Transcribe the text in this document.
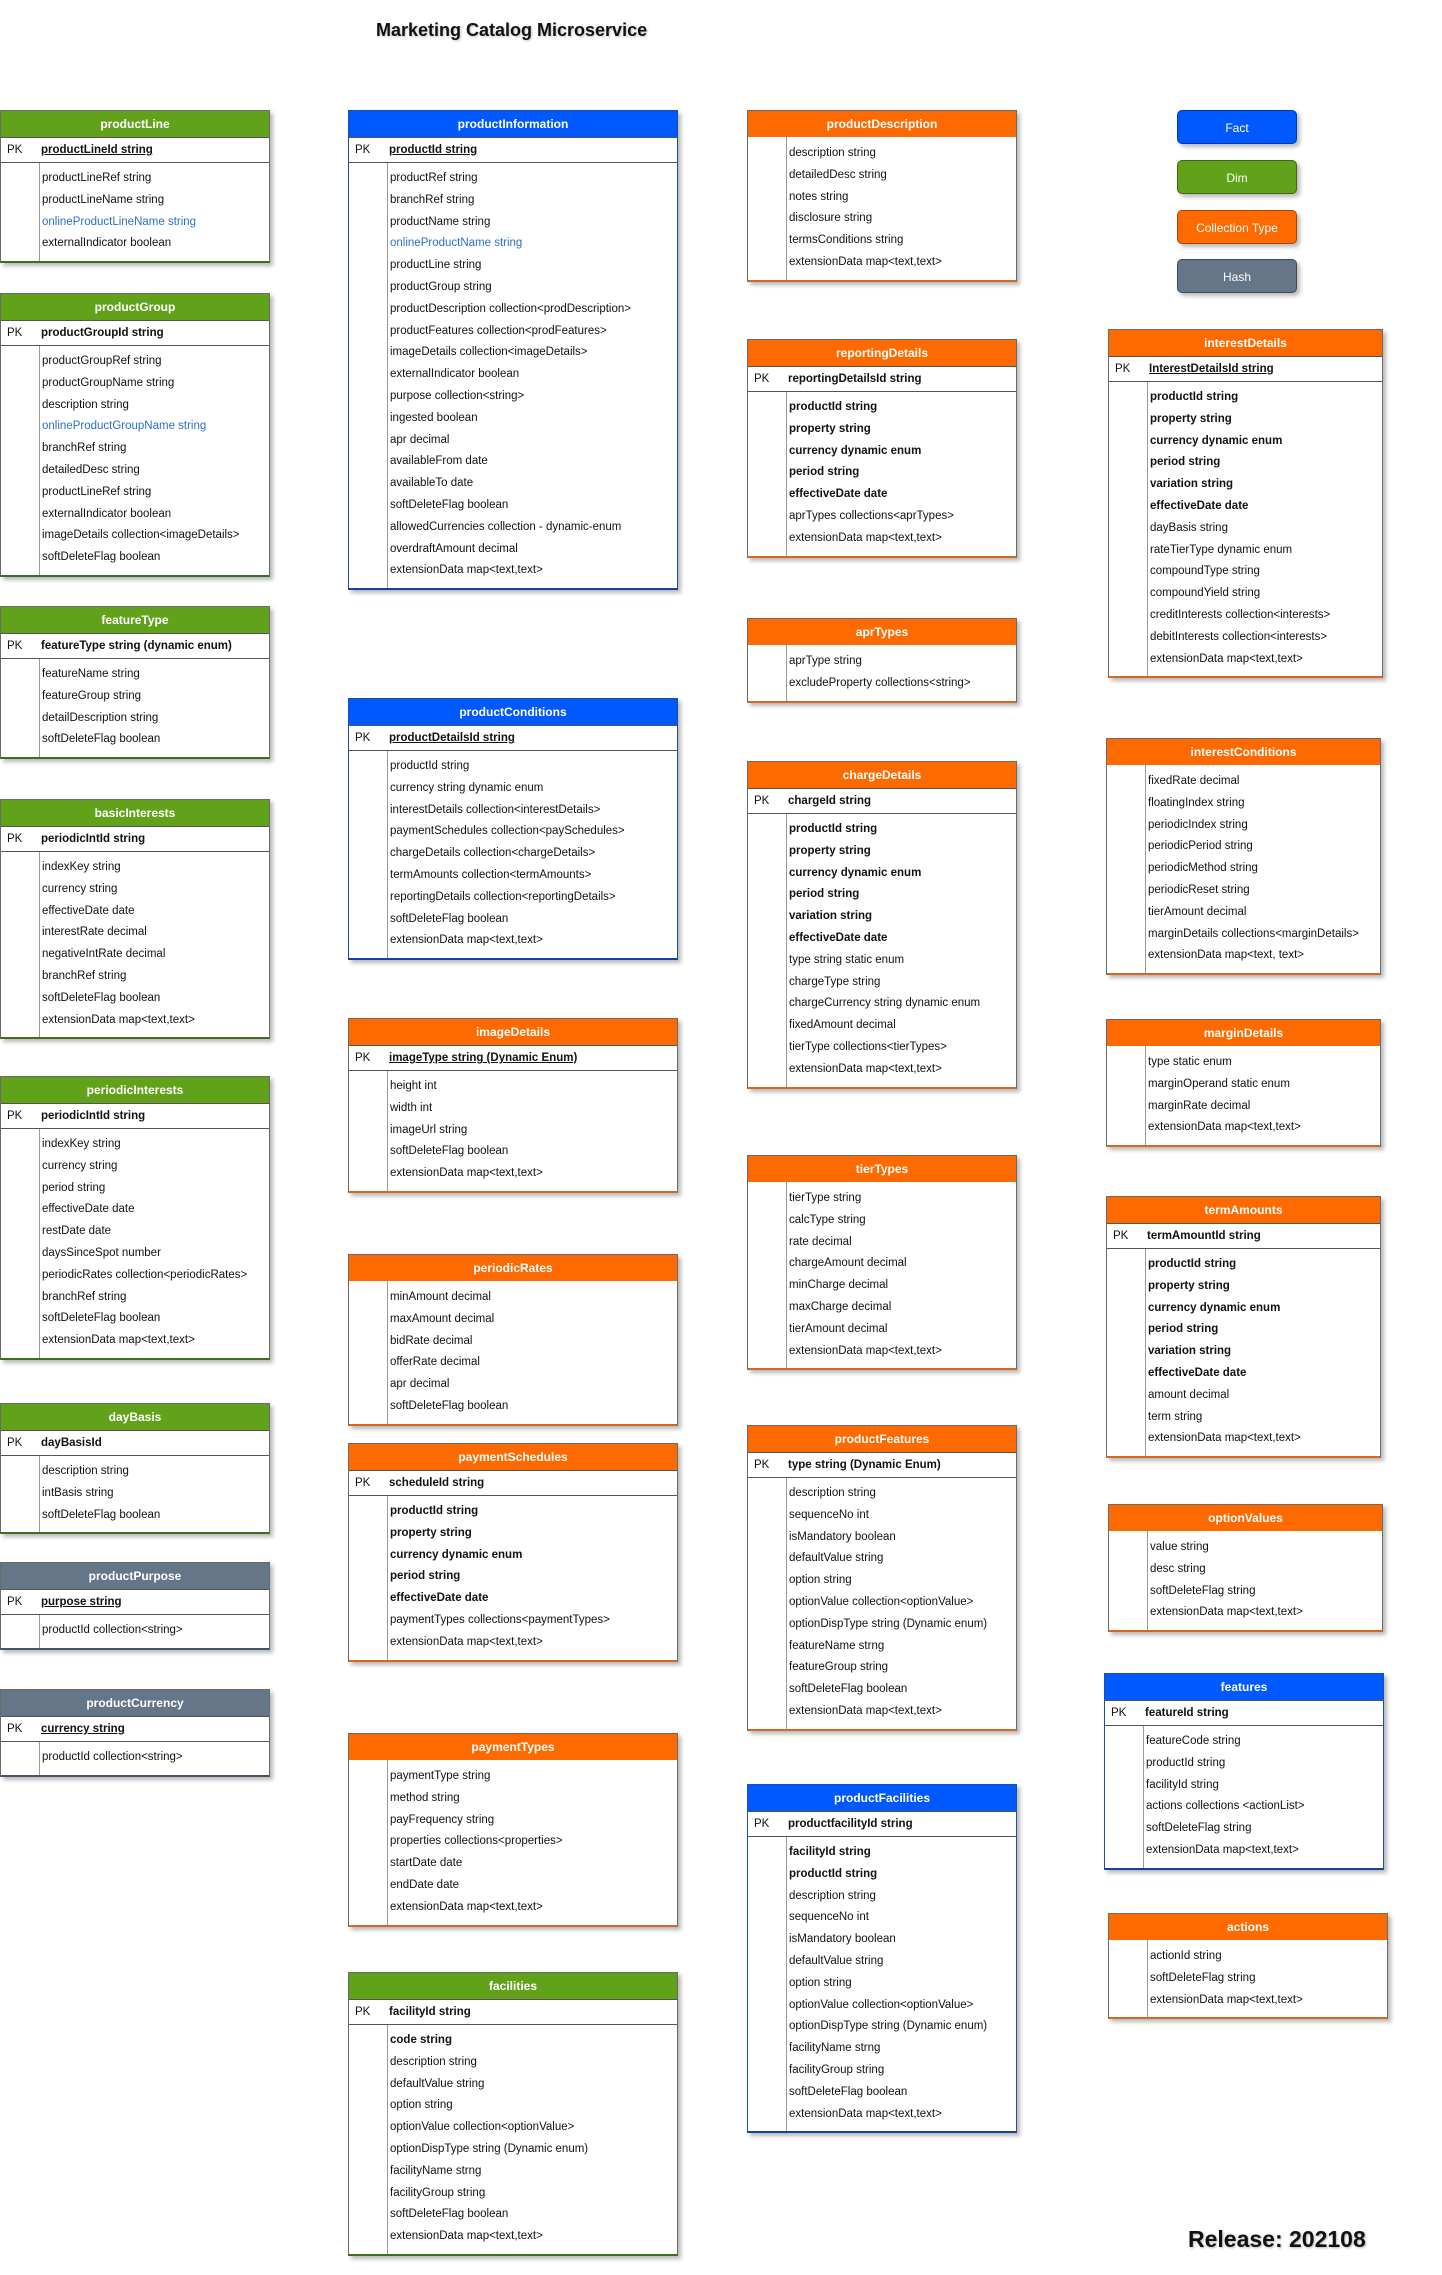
Marketing Catalog Microservice
productLine
PK	productLineId string
productLineRef string
productLineName string
onlineProductLineName string
externalIndicator boolean
productGroup
PK	productGroupId string
productGroupRef string
productGroupName string
description string
onlineProductGroupName string
branchRef string
detailedDesc string
productLineRef string
externalIndicator boolean
imageDetails collection<imageDetails>
softDeleteFlag boolean
featureType
PK	featureType string (dynamic enum)
featureName string
featureGroup string
detailDescription string
softDeleteFlag boolean
basicInterests
PK	periodicIntId string
indexKey string
currency string
effectiveDate date
interestRate decimal
negativeIntRate decimal
branchRef string
softDeleteFlag boolean
extensionData map<text,text>
periodicInterests
PK	periodicIntId string
indexKey string
currency string
period string
effectiveDate date
restDate date
daysSinceSpot number
periodicRates collection<periodicRates>
branchRef string
softDeleteFlag boolean
extensionData map<text,text>
dayBasis
PK	dayBasisId
description string
intBasis string
softDeleteFlag boolean
productPurpose
PK	purpose string
productId collection<string>
productCurrency
PK	currency string
productId collection<string>
productInformation
PK	productId string
productRef string
branchRef string
productName string
onlineProductName string
productLine string
productGroup string
productDescription collection<prodDescription>
productFeatures collection<prodFeatures>
imageDetails collection<imageDetails>
externalIndicator boolean
purpose collection<string>
ingested boolean
apr decimal
availableFrom date
availableTo date
softDeleteFlag boolean
allowedCurrencies collection - dynamic-enum
overdraftAmount decimal
extensionData map<text,text>
productConditions
PK	productDetailsId string
productId string
currency string dynamic enum
interestDetails collection<interestDetails>
paymentSchedules collection<paySchedules>
chargeDetails collection<chargeDetails>
termAmounts collection<termAmounts>
reportingDetails collection<reportingDetails>
softDeleteFlag boolean
extensionData map<text,text>
imageDetails
PK	imageType string (Dynamic Enum)
height int
width int
imageUrl string
softDeleteFlag boolean
extensionData map<text,text>
periodicRates
minAmount decimal
maxAmount decimal
bidRate decimal
offerRate decimal
apr decimal
softDeleteFlag boolean
paymentSchedules
PK	scheduleId string
productId string
property string
currency dynamic enum
period string
effectiveDate date
paymentTypes collections<paymentTypes>
extensionData map<text,text>
paymentTypes
paymentType string
method string
payFrequency string
properties collections<properties>
startDate date
endDate date
extensionData map<text,text>
facilities
PK	facilityId string
code string
description string
defaultValue string
option string
optionValue collection<optionValue>
optionDispType string (Dynamic enum)
facilityName strng
facilityGroup string
softDeleteFlag boolean
extensionData map<text,text>
productDescription
description string
detailedDesc string
notes string
disclosure string
termsConditions string
extensionData map<text,text>
reportingDetails
PK	reportingDetailsId string
productId string
property string
currency dynamic enum
period string
effectiveDate date
aprTypes collections<aprTypes>
extensionData map<text,text>
aprTypes
aprType string
excludeProperty collections<string>
chargeDetails
PK	chargeId string
productId string
property string
currency dynamic enum
period string
variation string
effectiveDate date
type string static enum
chargeType string
chargeCurrency string dynamic enum
fixedAmount decimal
tierType collections<tierTypes>
extensionData map<text,text>
tierTypes
tierType string
calcType string
rate decimal
chargeAmount decimal
minCharge decimal
maxCharge decimal
tierAmount decimal
extensionData map<text,text>
productFeatures
PK	type string (Dynamic Enum)
description string
sequenceNo int
isMandatory boolean
defaultValue string
option string
optionValue collection<optionValue>
optionDispType string (Dynamic enum)
featureName strng
featureGroup string
softDeleteFlag boolean
extensionData map<text,text>
productFacilities
PK	productfacilityId string
facilityId string
productId string
description string
sequenceNo int
isMandatory boolean
defaultValue string
option string
optionValue collection<optionValue>
optionDispType string (Dynamic enum)
facilityName strng
facilityGroup string
softDeleteFlag boolean
extensionData map<text,text>
interestDetails
PK	InterestDetailsId string
productId string
property string
currency dynamic enum
period string
variation string
effectiveDate date
dayBasis string
rateTierType dynamic enum
compoundType string
compoundYield string
creditInterests collection<interests>
debitInterests collection<interests>
extensionData map<text,text>
interestConditions
fixedRate decimal
floatingIndex string
periodicIndex string
periodicPeriod string
periodicMethod string
periodicReset string
tierAmount decimal
marginDetails collections<marginDetails>
extensionData map<text, text>
marginDetails
type static enum
marginOperand static enum
marginRate decimal
extensionData map<text,text>
termAmounts
PK	termAmountId string
productId string
property string
currency dynamic enum
period string
variation string
effectiveDate date
amount decimal
term string
extensionData map<text,text>
optionValues
value string
desc string
softDeleteFlag string
extensionData map<text,text>
features
PK	featureId string
featureCode string
productId string
facilityId string
actions collections <actionList>
softDeleteFlag string
extensionData map<text,text>
actions
actionId string
softDeleteFlag string
extensionData map<text,text>
Fact
Dim
Collection Type
Hash
Release: 202108
